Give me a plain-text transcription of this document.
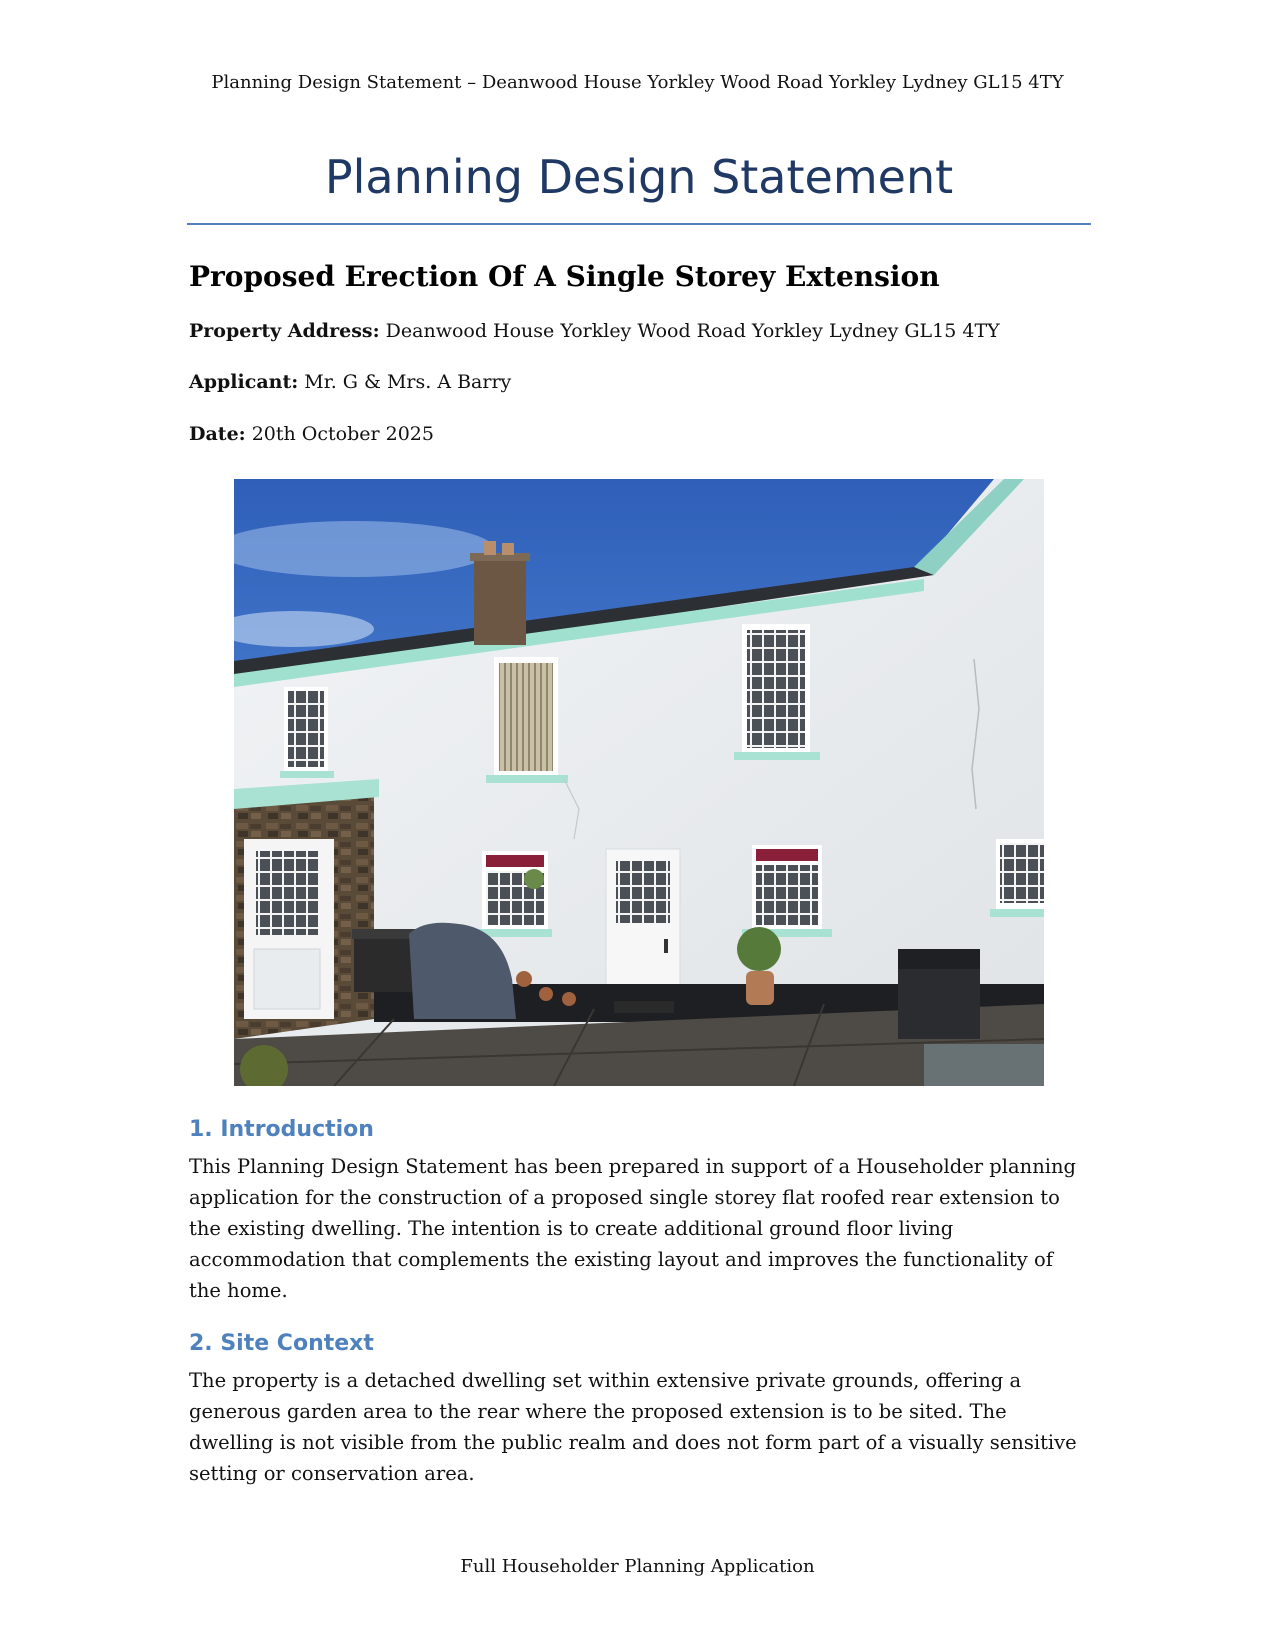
Planning Design Statement – Deanwood House Yorkley Wood Road Yorkley Lydney GL15 4TY
Planning Design Statement
Proposed Erection Of A Single Storey Extension
Property Address: Deanwood House Yorkley Wood Road Yorkley Lydney GL15 4TY
Applicant: Mr. G & Mrs. A Barry
Date: 20th October 2025
1. Introduction

This Planning Design Statement has been prepared in support of a Householder planning application for the construction of a proposed single storey flat roofed rear extension to the existing dwelling. The intention is to create additional ground floor living accommodation that complements the existing layout and improves the functionality of the home.

2. Site Context

The property is a detached dwelling set within extensive private grounds, offering a generous garden area to the rear where the proposed extension is to be sited. The dwelling is not visible from the public realm and does not form part of a visually sensitive setting or conservation area.

Full Householder Planning Application
